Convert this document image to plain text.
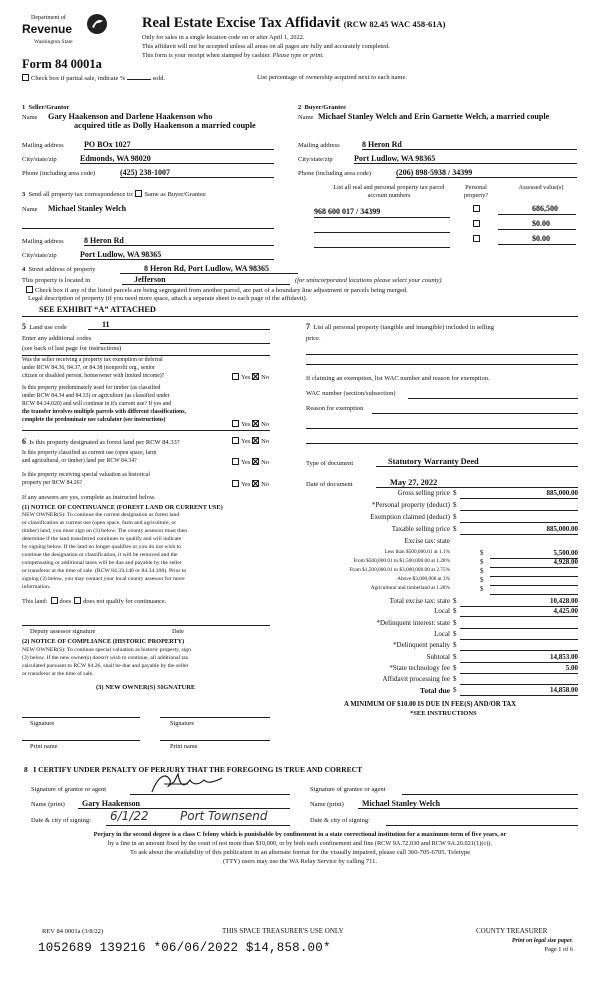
Department of
Revenue
Washington State
Form 84 0001a
Check box if partial sale, indicate %	sold.	List percentage of ownership acquired next to each name.
Real Estate Excise Tax Affidavit (RCW 82.45 WAC 458-61A)
Only for sales in a single location code on or after April 1, 2022.
This affidavit will not be accepted unless all areas on all pages are fully and accurately completed.
This form is your receipt when stamped by cashier. Please type or print.
1  Seller/Grantor
Name Gary Haakenson and Darlene Haakenson who
acquired title as Dolly Haakenson a married couple
Mailing address	PO BOx 1027
City/state/zip	Edmonds, WA 98020
Phone (including area code)	(425) 238-1007
2  Buyer/Grantee
Name Michael Stanley Welch and Erin Garnette Welch, a married couple
Mailing address	8 Heron Rd
City/state/zip	Port Ludlow, WA 98365
Phone (including area code)	(206) 898-5938 / 34399
3 Send all property tax correspondence to: Same as Buyer/Grantee
Name Michael Stanley Welch
Mailing address	8 Heron Rd
City/state/zip	Port Ludlow, WA 98365
List all real and personal property tax parcel account numbers
Personal property?
Assessed value(s)
968 600 017 / 34399	686,500
$0.00
$0.00
4 Street address of property	8 Heron Rd, Port Ludlow, WA 98365
This property is located in	Jefferson	(for unincorporated locations please select your county)
Check box if any of the listed parcels are being segregated from another parcel, are part of a boundary line adjustment or parcels being merged.
Legal description of property (if you need more space, attach a separate sheet to each page of the affidavit).
SEE EXHIBIT “A” ATTACHED
5 Land use code	11
Enter any additional codes
(see back of last page for instructions)
Was the seller receiving a property tax exemption or deferral
under RCW 84.36, 84.37, or 84.38 (nonprofit org., senior
citizen or disabled person, homeowner with limited income)?	Yes No
Is this property predominately used for timber (as classified
under RCW 84.34 and 84.33) or agriculture (as classified under
RCW 84.34.020) and will continue in it's current use? If yes and
the transfer involves multiple parcels with different classifications,
complete the predominate use calculator (see instructions)
Yes No
6 Is this property designated as forest land per RCW 84.33?	Yes No
Is this property classified as current use (open space, farm
and agricultural, or timber) land per RCW 84.34?	Yes No
Is this property receiving special valuation as historical
property per RCW 84.26?	Yes No
If any answers are yes, complete as instructed below.
(1) NOTICE OF CONTINUANCE (FOREST LAND OR CURRENT USE)
NEW OWNER(S): To continue the current designation as forest land
or classification as current use (open space, farm and agriculture, or
timber) land, you must sign on (3) below. The county assessor must then
determine if the land transferred continues to qualify and will indicate
by signing below. If the land no longer qualifies or you do not wish to
continue the designation or classification, it will be removed and the
compensating or additional taxes will be due and payable by the seller
or transferor at the time of sale. (RCW 84.33.140 or 84.34.108). Prior to
signing (3) below, you may contact your local county assessor for more
information.
This land: does does not qualify for continuance.
Deputy assessor signature	Date
(2) NOTICE OF COMPLIANCE (HISTORIC PROPERTY)
NEW OWNER(S): To continue special valuation as historic property, sign
(3) below. If the new owner(s) doesn't wish to continue, all additional tax
calculated pursuant to RCW 84.26, shall be due and payable by the seller
or transferor at the time of sale.
(3) NEW OWNER(S) SIGNATURE
Signature	Signature
Print name	Print name
7 List all personal property (tangible and intangible) included in selling
price.
If claiming an exemption, list WAC number and reason for exemption.
WAC number (section/subsection)
Reason for exemption
Type of document	Statutory Warranty Deed
Date of document	May 27, 2022
Gross selling price $	885,000.00
*Personal property (deduct) $
Exemption claimed (deduct) $
Taxable selling price $	885,000.00
Excise tax: state
Less than $500,000.01 at 1.1%	$	5,500.00
From $500,000.01 to $1,500,000.00 at 1.28%	$	4,928.00
From $1,500,000.01 to $3,000,000.00 at 2.75%	$
Above $3,000,000 at 3%	$
Agricultural and timberland at 1.28%	$
Total excise tax: state $	10,428.00
Local $	4,425.00
*Delinquent interest: state $
Local $
*Delinquent penalty $
Subtotal $	14,853.00
*State technology fee $	5.00
Affidavit processing fee $
Total due $	14,858.00
A MINIMUM OF $10.00 IS DUE IN FEE(S) AND/OR TAX
*SEE INSTRUCTIONS
8   I CERTIFY UNDER PENALTY OF PERJURY THAT THE FOREGOING IS TRUE AND CORRECT
Signature of grantor or agent	Signature of grantee or agent
Name (print)	Gary Haakenson	Name (print)	Michael Stanley Welch
Date & city of signing: 6/1/22	Port Townsend	Date & city of signing:
Perjury in the second degree is a class C felony which is punishable by confinement in a state correctional institution for a maximum term of five years, or
by a fine in an amount fixed by the court of not more than $10,000, or by both such confinement and fine (RCW 9A.72.030 and RCW 9A.20.021(1)(c)).
To ask about the availability of this publication in an alternate format for the visually impaired, please call 360-705-6705. Teletype
(TTY) users may use the WA Relay Service by calling 711.
REV 84 0001a (3/8/22)	THIS SPACE TREASURER'S USE ONLY	COUNTY TREASURER
Print on legal size paper.
Page 1 of 6
1052689 139216 *06/06/2022 $14,858.00*
